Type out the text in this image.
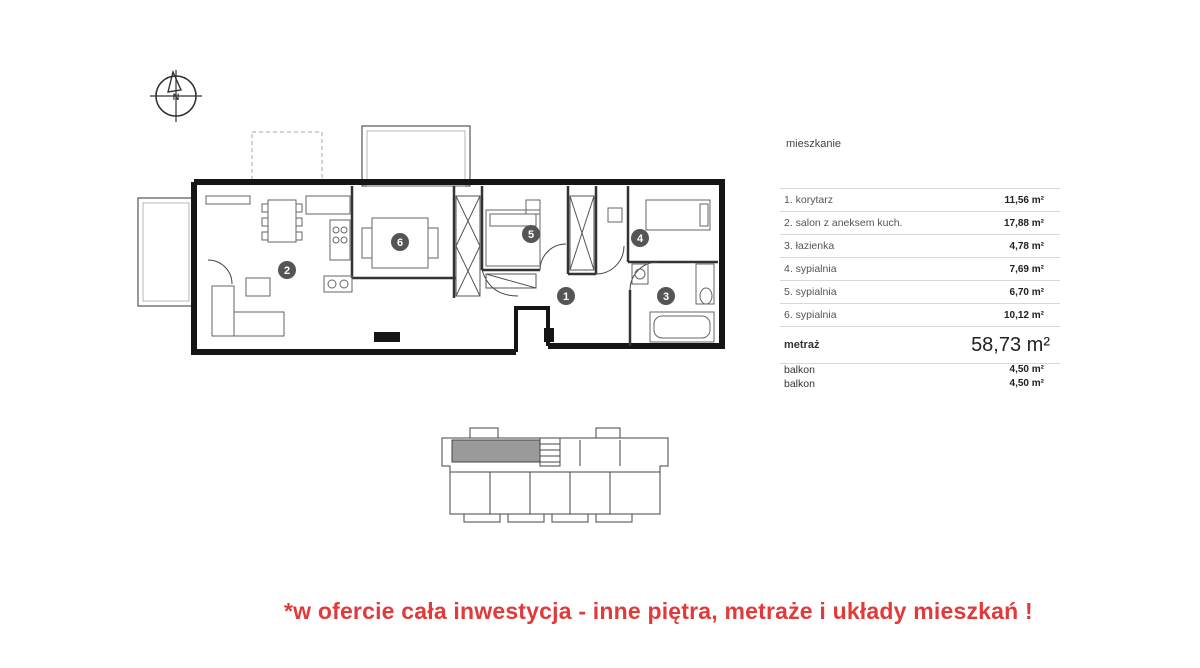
N
1
2
3
4
5
6
mieszkanie
1. korytarz	11,56 m²
2. salon z aneksem kuch.	17,88 m²
3. łazienka	4,78 m²
4. sypialnia	7,69 m²
5. sypialnia	6,70 m²
6. sypialnia	10,12 m²
metraż	58,73 m²
balkon	4,50 m²
balkon	4,50 m²
*w ofercie cała inwestycja - inne piętra, metraże i układy mieszkań !
